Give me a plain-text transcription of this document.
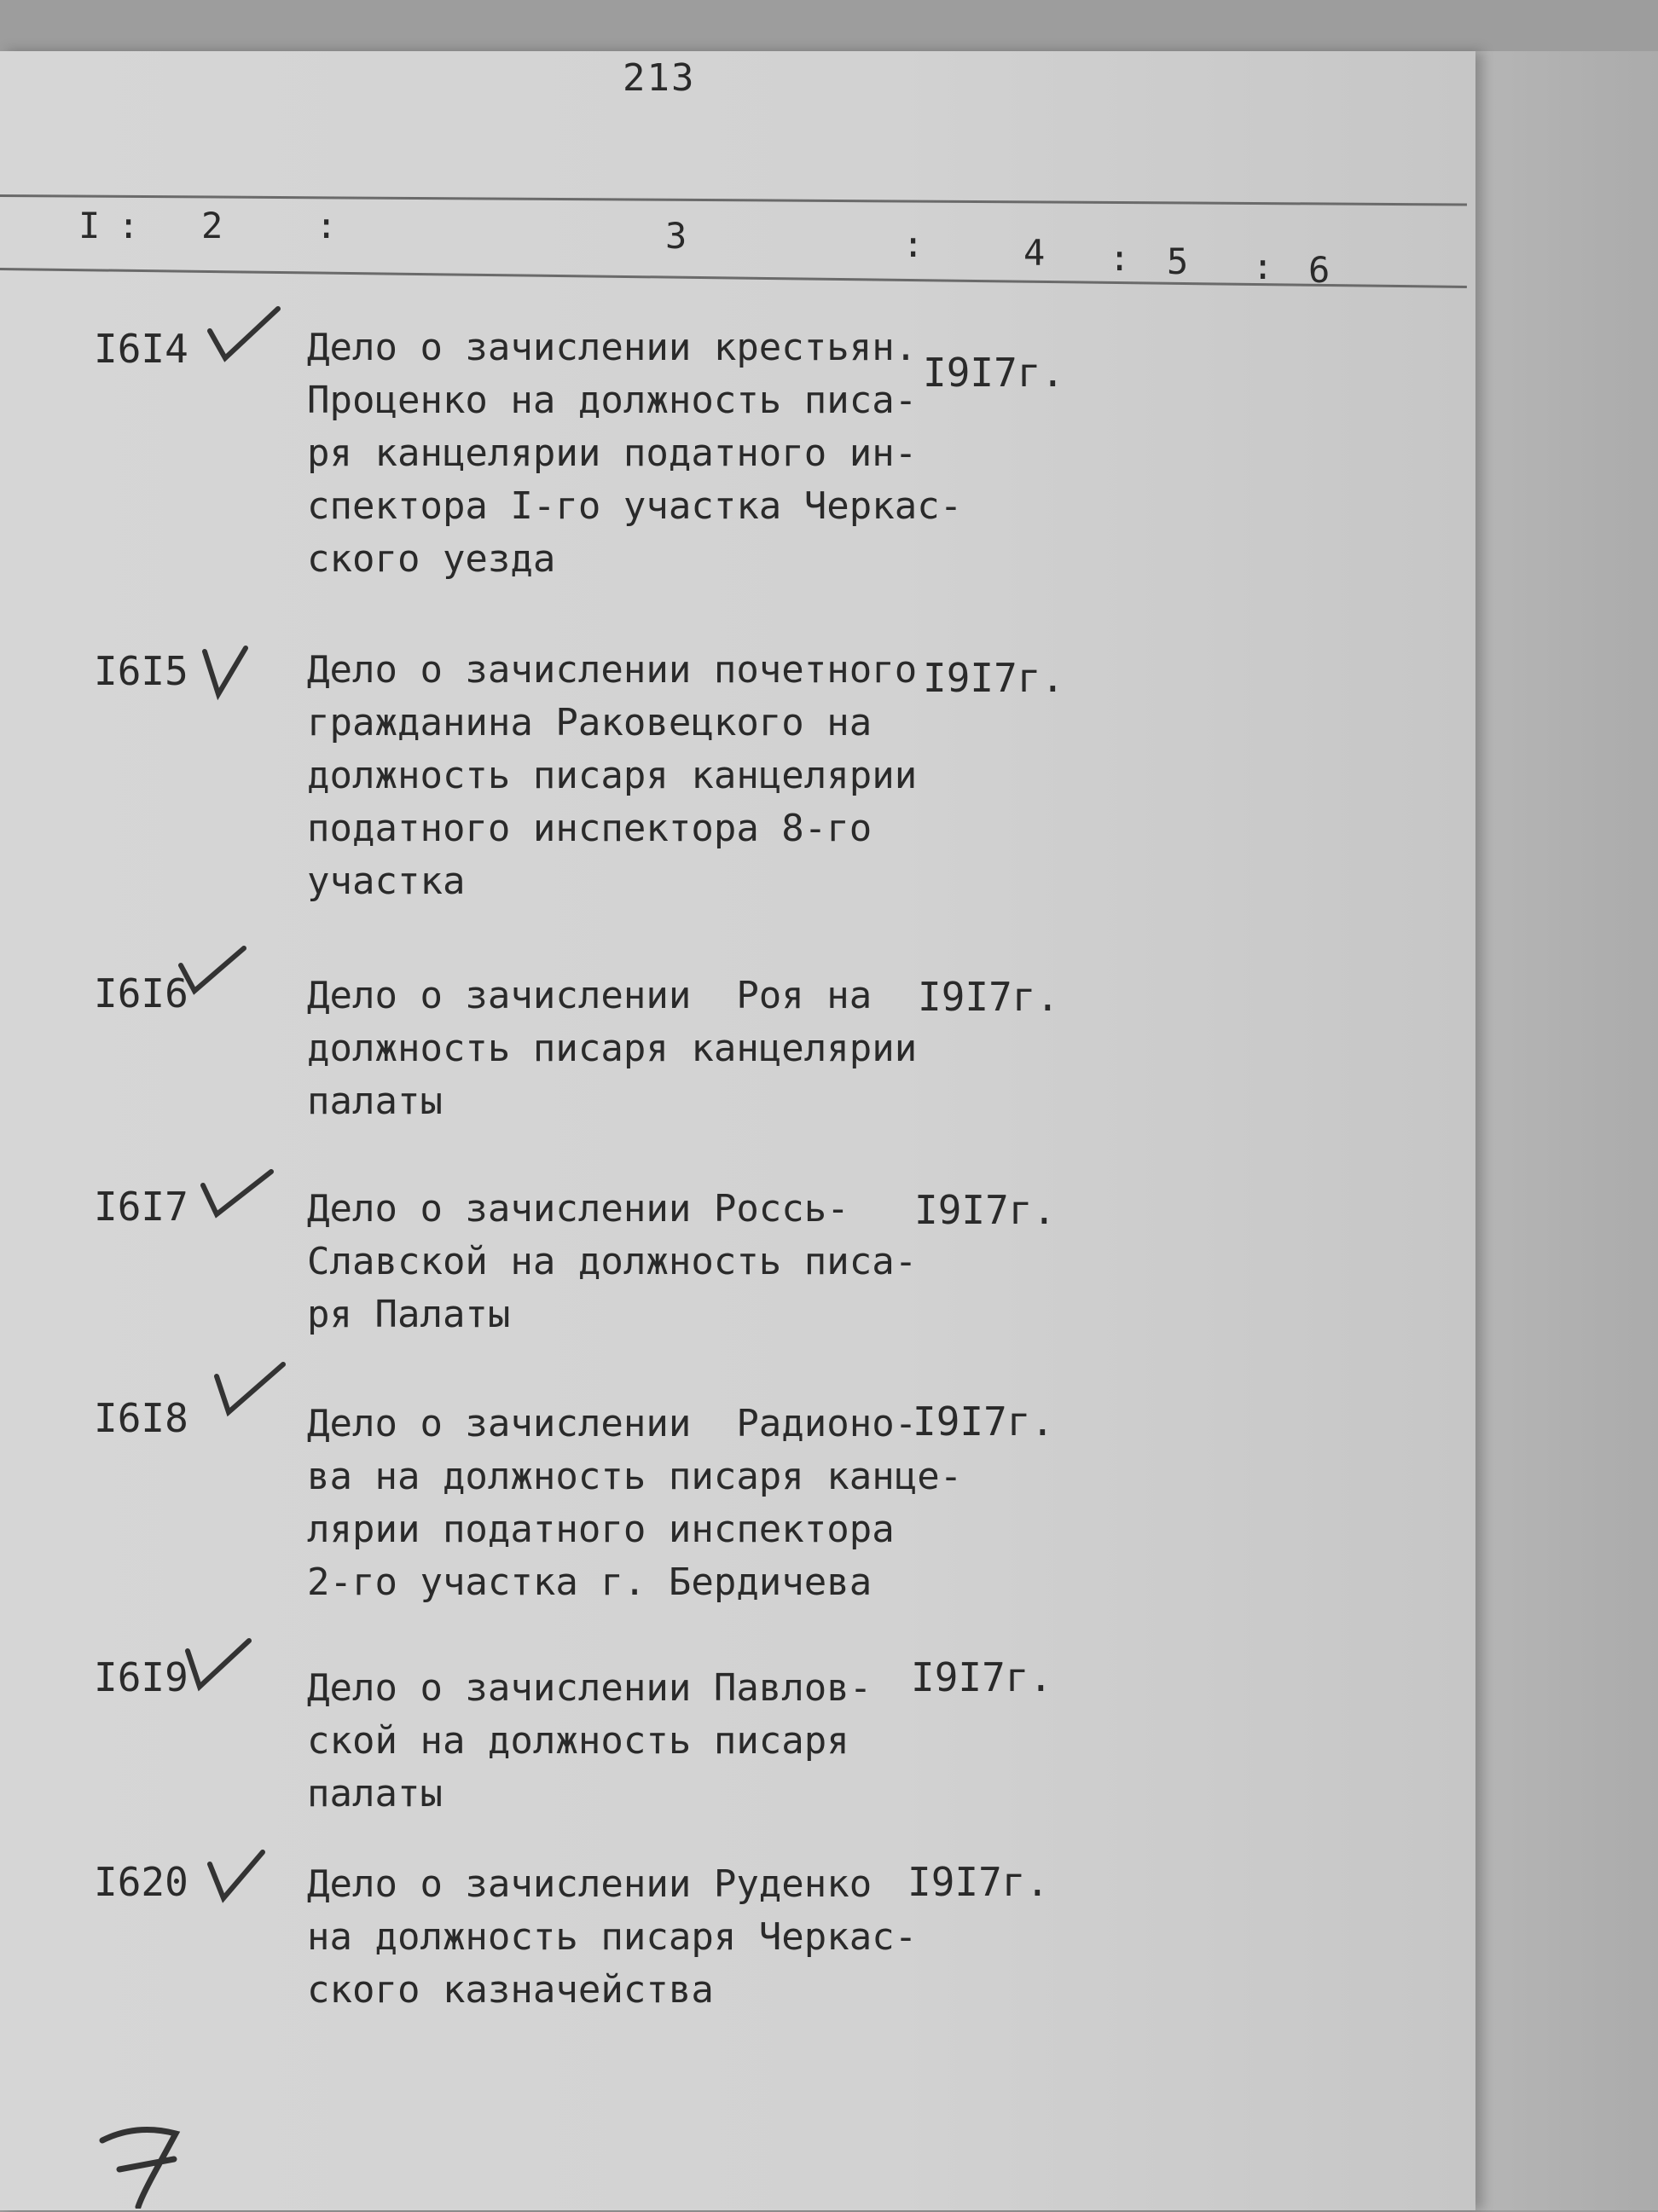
213
I : 2	:	3	:	4 : 5 : 6
I6I4	Дело о зачислении крестьян.
Проценко на должность писа-
ря канцелярии податного ин-
спектора I-го участка Черкас-
ского уезда
I9I7г.
I6I5	Дело о зачислении почетного
гражданина Раковецкого на
должность писаря канцелярии
податного инспектора 8-го
участка
I9I7г.
I6I6	Дело о зачислении  Роя на
должность писаря канцелярии
палаты
I9I7г.
I6I7	Дело о зачислении Россь-
Славской на должность писа-
ря Палаты
I9I7г.
I6I8	Дело о зачислении  Радионо-
ва на должность писаря канце-
лярии податного инспектора
2-го участка г. Бердичева
I9I7г.
I6I9	Дело о зачислении Павлов-
ской на должность писаря
палаты
I9I7г.
I620	Дело о зачислении Руденко
на должность писаря Черкас-
ского казначейства
I9I7г.
